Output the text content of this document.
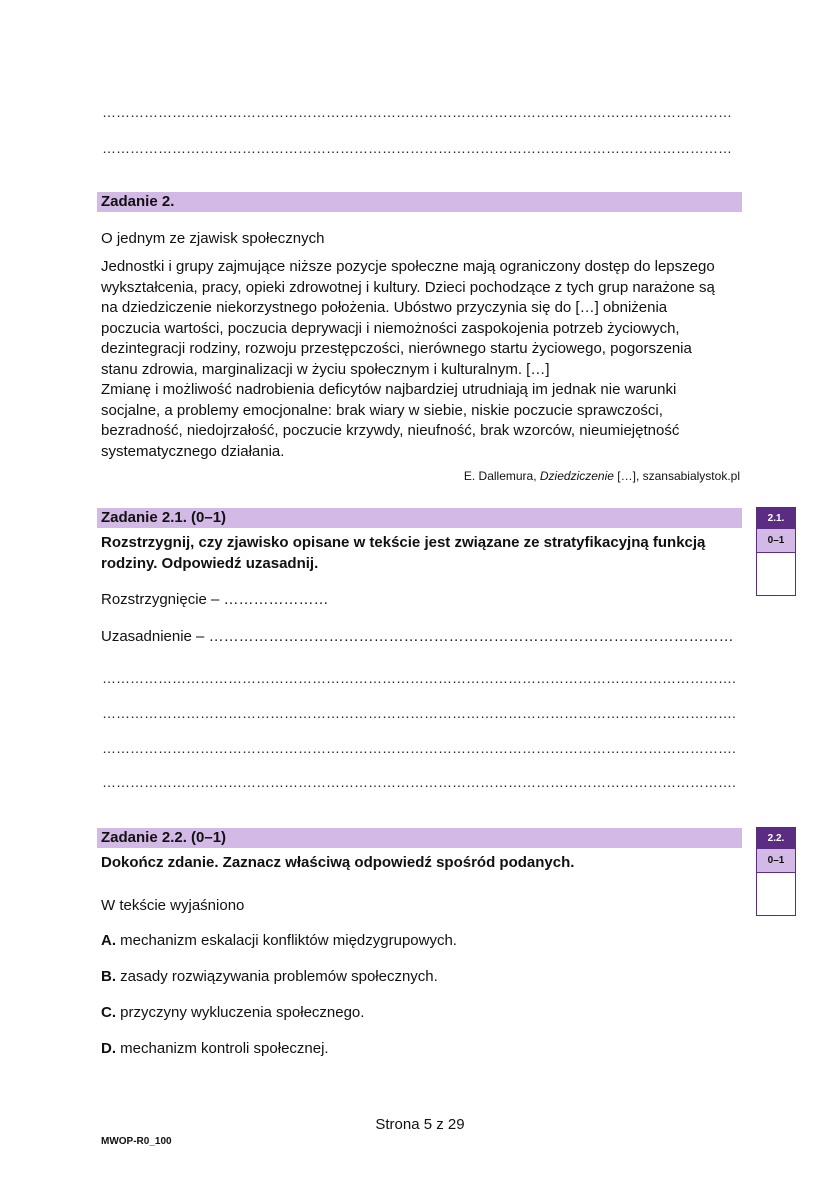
………………………………………………………………………………………………………………………
………………………………………………………………………………………………………………………
Zadanie 2.
O jednym ze zjawisk społecznych
Jednostki i grupy zajmujące niższe pozycje społeczne mają ograniczony dostęp do lepszego
wykształcenia, pracy, opieki zdrowotnej i kultury. Dzieci pochodzące z tych grup narażone są
na dziedziczenie niekorzystnego położenia. Ubóstwo przyczynia się do […] obniżenia
poczucia wartości, poczucia deprywacji i niemożności zaspokojenia potrzeb życiowych,
dezintegracji rodziny, rozwoju przestępczości, nierównego startu życiowego, pogorszenia
stanu zdrowia, marginalizacji w życiu społecznym i kulturalnym. […]
Zmianę i możliwość nadrobienia deficytów najbardziej utrudniają im jednak nie warunki
socjalne, a problemy emocjonalne: brak wiary w siebie, niskie poczucie sprawczości,
bezradność, niedojrzałość, poczucie krzywdy, nieufność, brak wzorców, nieumiejętność
systematycznego działania.
E. Dallemura, Dziedziczenie […], szansabialystok.pl
Zadanie 2.1. (0–1)
Rozstrzygnij, czy zjawisko opisane w tekście jest związane ze stratyfikacyjną funkcją
rodziny. Odpowiedź uzasadnij.
Rozstrzygnięcie – …………………
Uzasadnienie – ……………………………………………………………………………………………
……………………………………………………………………………………………………………………….
……………………………………………………………………………………………………………………….
……………………………………………………………………………………………………………………….
……………………………………………………………………………………………………………………….
2.1.
0–1
Zadanie 2.2. (0–1)
Dokończ zdanie. Zaznacz właściwą odpowiedź spośród podanych.
W tekście wyjaśniono
A. mechanizm eskalacji konfliktów międzygrupowych.
B. zasady rozwiązywania problemów społecznych.
C. przyczyny wykluczenia społecznego.
D. mechanizm kontroli społecznej.
2.2.
0–1
Strona 5 z 29
MWOP-R0_100
